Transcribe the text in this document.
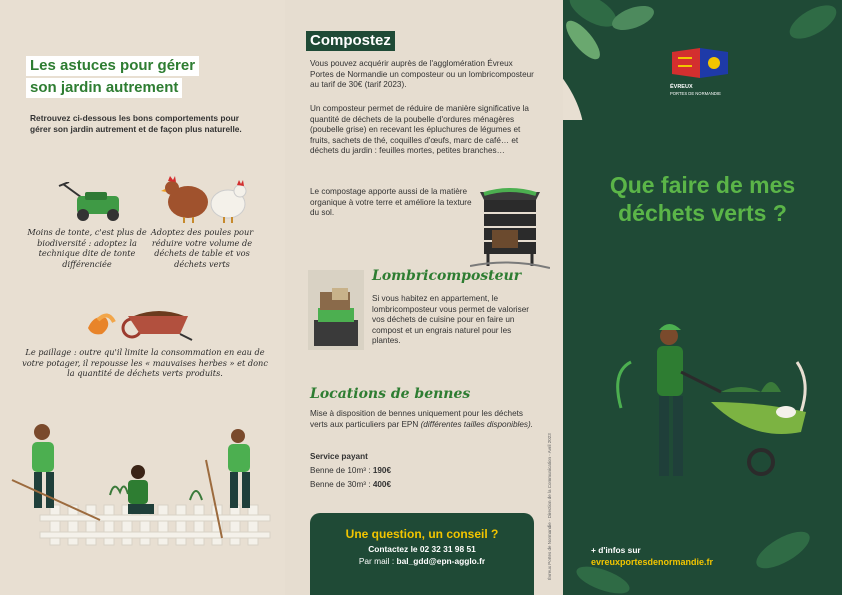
Les astuces pour gérer
son jardin autrement
Retrouvez ci-dessous les bons comportements pour gérer son jardin autrement et de façon plus naturelle.
Moins de tonte, c'est plus de biodiversité : adoptez la technique dite de tonte différenciée
Adoptez des poules pour réduire votre volume de déchets de table et vos déchets verts
Le paillage : outre qu'il limite la consommation en eau de votre potager, il repousse les « mauvaises herbes » et donc la quantité de déchets verts produits.
Compostez
Vous pouvez acquérir auprès de l'agglomération Évreux Portes de Normandie un composteur ou un lombricomposteur au tarif de 30€ (tarif 2023).
Un composteur permet de réduire de manière significative la quantité de déchets de la poubelle d'ordures ménagères (poubelle grise) en recevant les épluchures de légumes et fruits, sachets de thé, coquilles d'œufs, marc de café… et déchets du jardin : feuilles mortes, petites branches…
Le compostage apporte aussi de la matière organique à votre terre et améliore la texture du sol.
Lombricomposteur
Si vous habitez en appartement, le lombricomposteur vous permet de valoriser vos déchets de cuisine pour en faire un compost et un engrais naturel pour les plantes.
Locations de bennes
Mise à disposition de bennes uniquement pour les déchets verts aux particuliers par EPN (différentes tailles disponibles).
Service payant
Benne de 10m³ : 190€
Benne de 30m³ : 400€
Une question, un conseil ?
Contactez le 02 32 31 98 51
Par mail : bal_gdd@epn-agglo.fr	Évreux Portes de Normandie - Direction de la Communication - Avril 2023
ÉVREUX
PORTES DE NORMANDIE
Que faire de mes
déchets verts ?
+ d'infos sur
evreuxportesdenormandie.fr
